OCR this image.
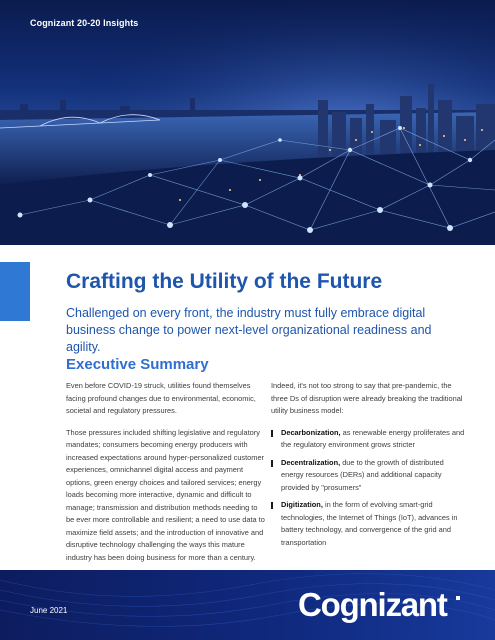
Cognizant 20-20 Insights
Crafting the Utility of the Future

Challenged on every front, the industry must fully embrace digital business change to power next-level organizational readiness and agility.

Executive Summary

Even before COVID-19 struck, utilities found themselves facing profound changes due to environmental, economic, societal and regulatory pressures.

Those pressures included shifting legislative and regulatory mandates; consumers becoming energy producers with increased expectations around hyper-personalized customer experiences, omnichannel digital access and payment options, green energy choices and tailored services; energy loads becoming more interactive, dynamic and difficult to manage; transmission and distribution methods needing to be ever more controllable and resilient; a need to use data to maximize field assets; and the introduction of innovative and disruptive technology challenging the ways this mature industry has been doing business for more than a century.

Indeed, it's not too strong to say that pre-pandemic, the three Ds of disruption were already breaking the traditional utility business model:

Decarbonization, as renewable energy proliferates and the regulatory environment grows stricter
Decentralization, due to the growth of distributed energy resources (DERs) and additional capacity provided by "prosumers"
Digitization, in the form of evolving smart-grid technologies, the Internet of Things (IoT), advances in battery technology, and convergence of the grid and transportation
June 2021	Cognizant
